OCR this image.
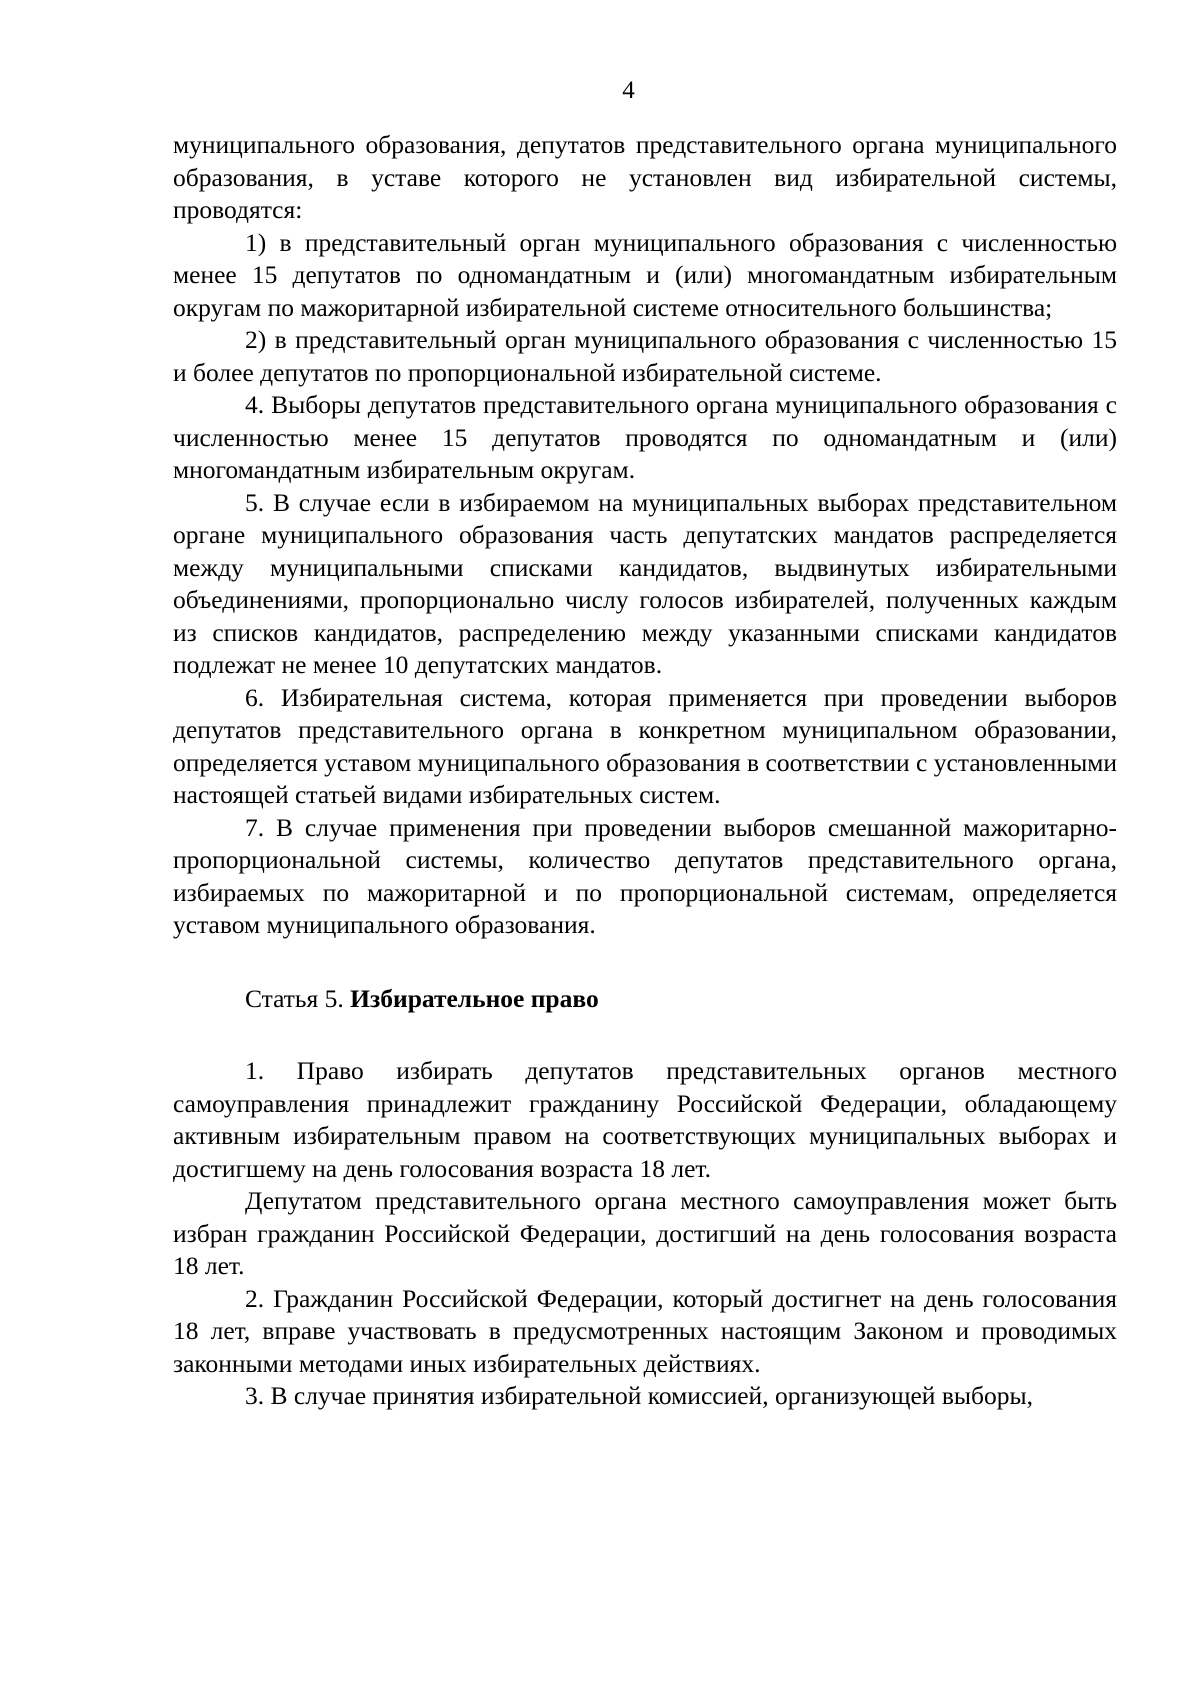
4

муниципального образования, депутатов представительного органа муниципального образования, в уставе которого не установлен вид избирательной системы, проводятся:

1) в представительный орган муниципального образования с численностью менее 15 депутатов по одномандатным и (или) многомандатным избирательным округам по мажоритарной избирательной системе относительного большинства;

2) в представительный орган муниципального образования с численностью 15 и более депутатов по пропорциональной избирательной системе.

4. Выборы депутатов представительного органа муниципального образования с численностью менее 15 депутатов проводятся по одномандатным и (или) многомандатным избирательным округам.

5. В случае если в избираемом на муниципальных выборах представительном органе муниципального образования часть депутатских мандатов распределяется между муниципальными списками кандидатов, выдвинутых избирательными объединениями, пропорционально числу голосов избирателей, полученных каждым из списков кандидатов, распределению между указанными списками кандидатов подлежат не менее 10 депутатских мандатов.

6. Избирательная система, которая применяется при проведении выборов депутатов представительного органа в конкретном муниципальном образовании, определяется уставом муниципального образования в соответствии с установленными настоящей статьей видами избирательных систем.

7. В случае применения при проведении выборов смешанной мажоритарно-пропорциональной системы, количество депутатов представительного органа, избираемых по мажоритарной и по пропорциональной системам, определяется уставом муниципального образования.

Статья 5. Избирательное право

1. Право избирать депутатов представительных органов местного самоуправления принадлежит гражданину Российской Федерации, обладающему активным избирательным правом на соответствующих муниципальных выборах и достигшему на день голосования возраста 18 лет.

Депутатом представительного органа местного самоуправления может быть избран гражданин Российской Федерации, достигший на день голосования возраста 18 лет.

2. Гражданин Российской Федерации, который достигнет на день голосования 18 лет, вправе участвовать в предусмотренных настоящим Законом и проводимых законными методами иных избирательных действиях.

3. В случае принятия избирательной комиссией, организующей выборы,
